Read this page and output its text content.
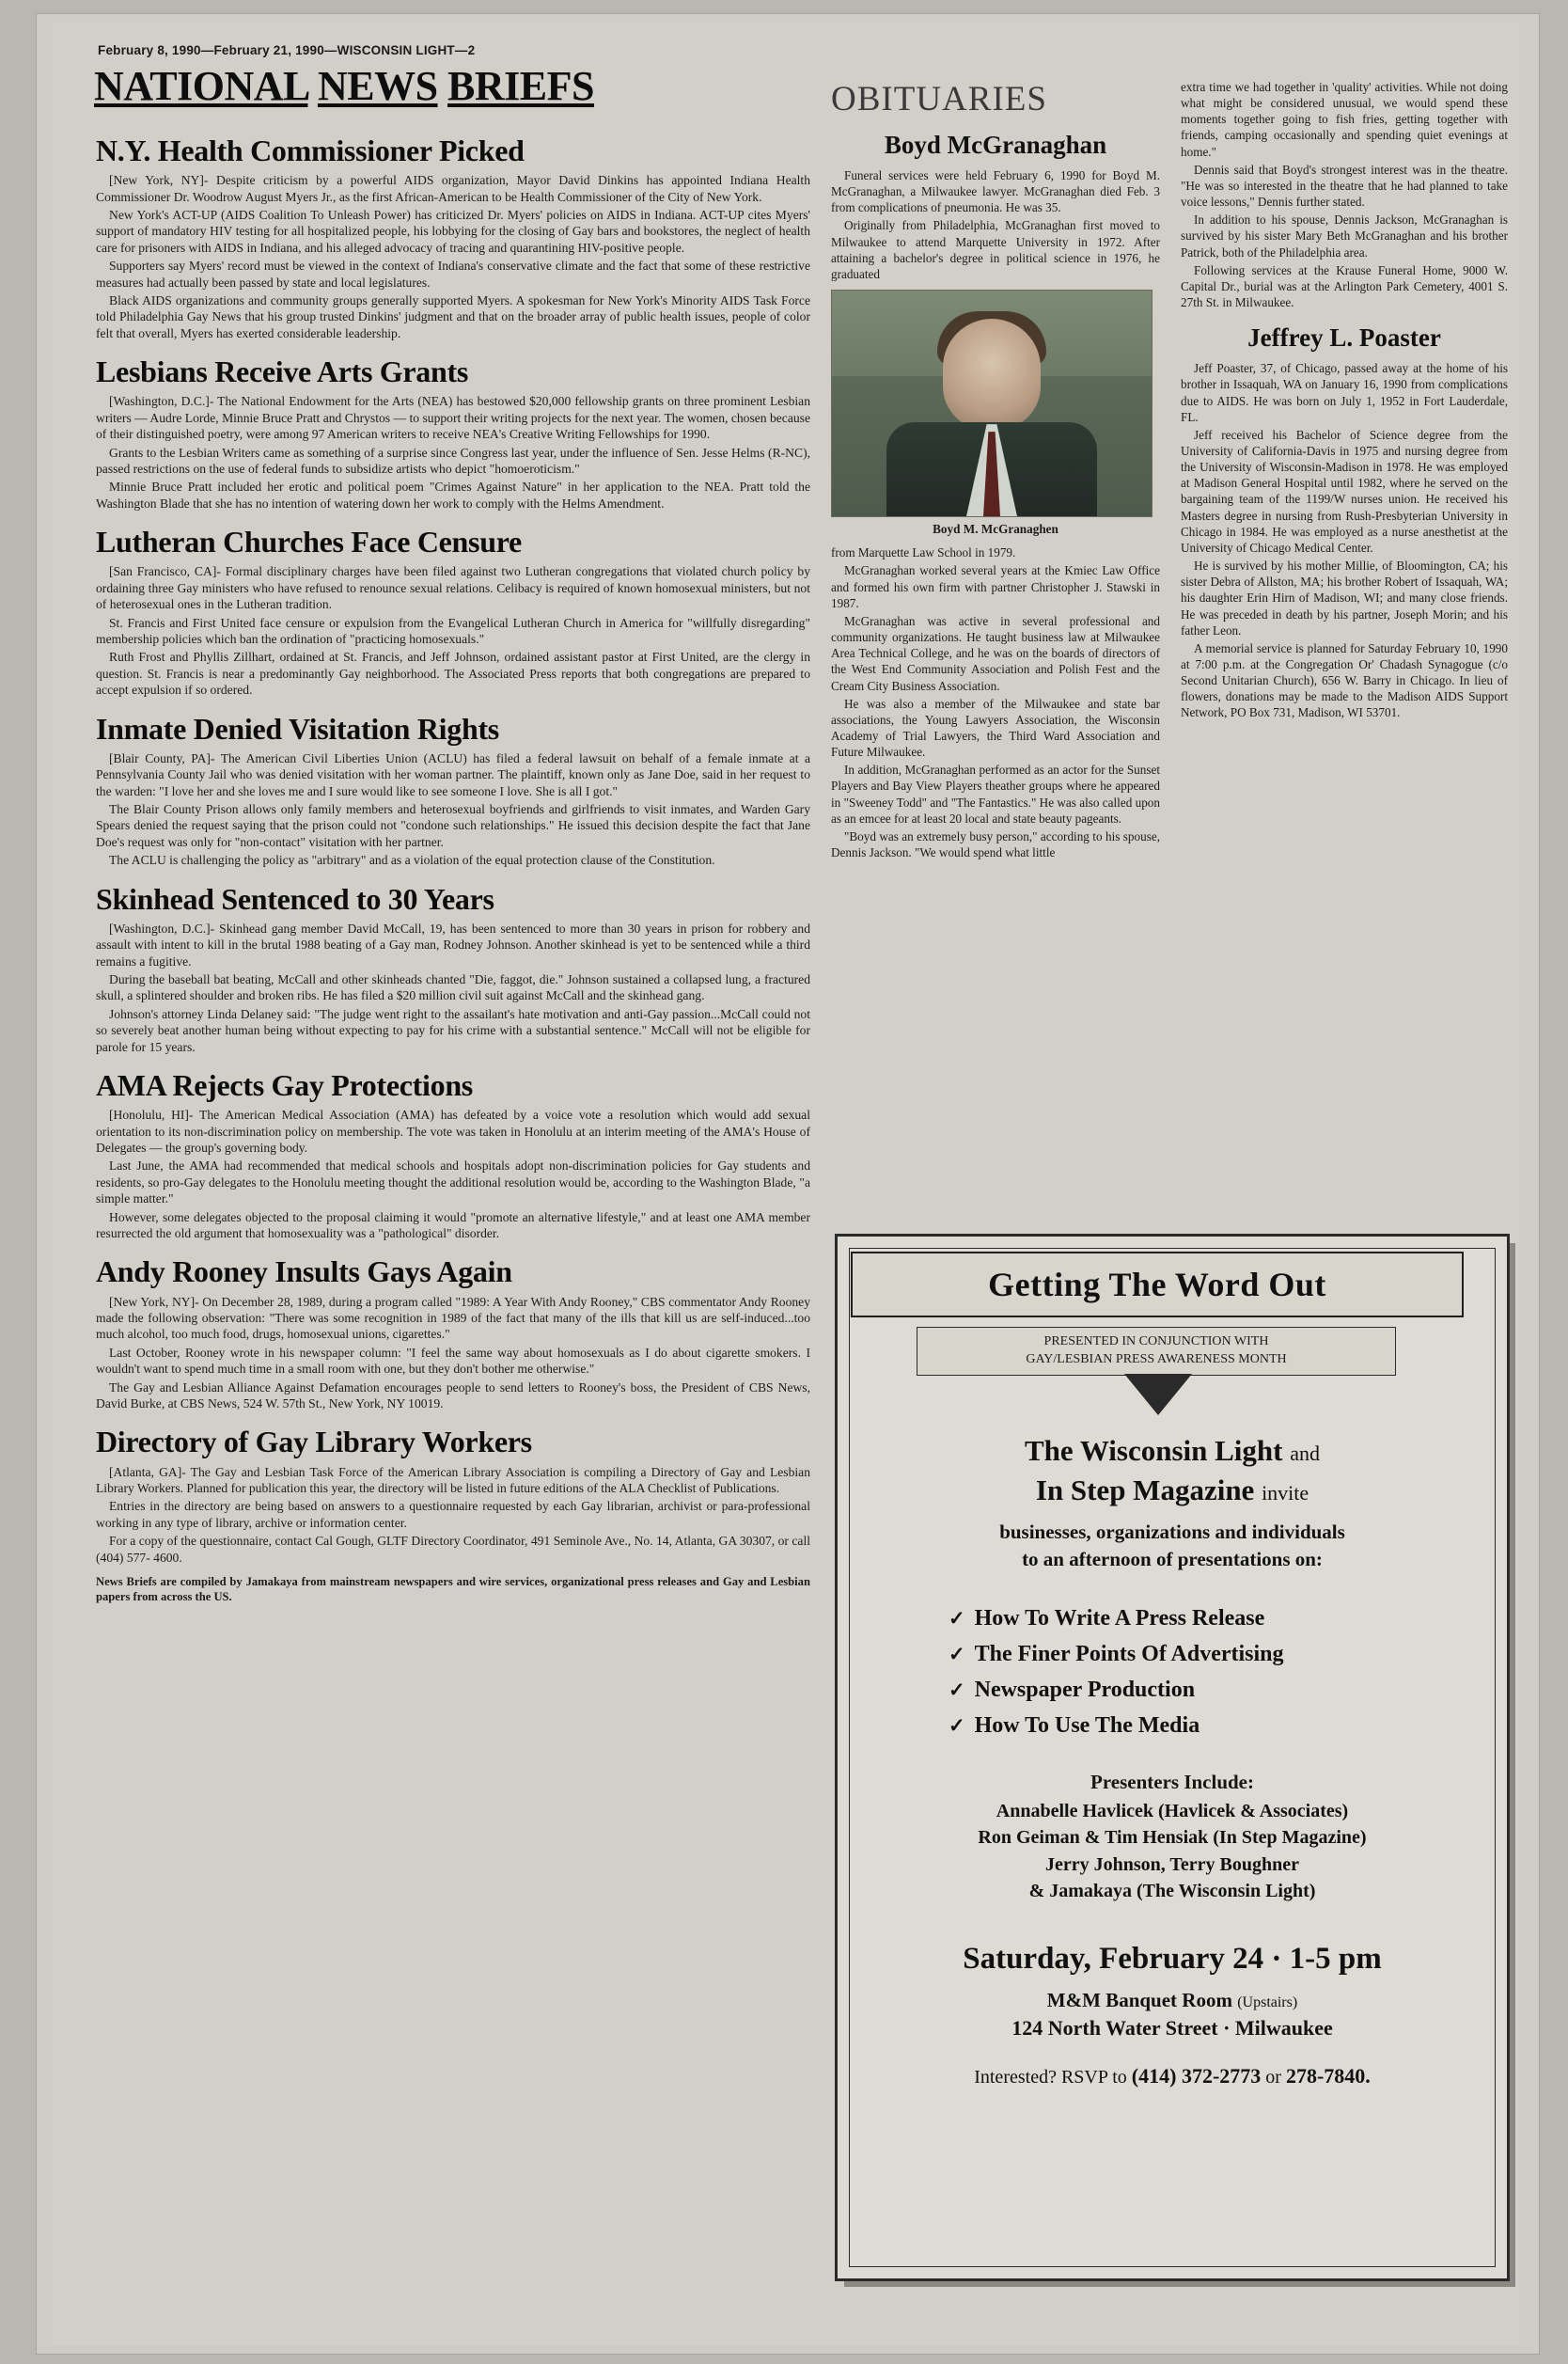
February 8, 1990—February 21, 1990—WISCONSIN LIGHT—2
NATIONAL NEWS BRIEFS
N.Y. Health Commissioner Picked

[New York, NY]- Despite criticism by a powerful AIDS organization, Mayor David Dinkins has appointed Indiana Health Commissioner Dr. Woodrow August Myers Jr., as the first African-American to be Health Commissioner of the City of New York.

New York's ACT-UP (AIDS Coalition To Unleash Power) has criticized Dr. Myers' policies on AIDS in Indiana. ACT-UP cites Myers' support of mandatory HIV testing for all hospitalized people, his lobbying for the closing of Gay bars and bookstores, the neglect of health care for prisoners with AIDS in Indiana, and his alleged advocacy of tracing and quarantining HIV-positive people.

Supporters say Myers' record must be viewed in the context of Indiana's conservative climate and the fact that some of these restrictive measures had actually been passed by state and local legislatures.

Black AIDS organizations and community groups generally supported Myers. A spokesman for New York's Minority AIDS Task Force told Philadelphia Gay News that his group trusted Dinkins' judgment and that on the broader array of public health issues, people of color felt that overall, Myers has exerted considerable leadership.

Lesbians Receive Arts Grants

[Washington, D.C.]- The National Endowment for the Arts (NEA) has bestowed $20,000 fellowship grants on three prominent Lesbian writers — Audre Lorde, Minnie Bruce Pratt and Chrystos — to support their writing projects for the next year. The women, chosen because of their distinguished poetry, were among 97 American writers to receive NEA's Creative Writing Fellowships for 1990.

Grants to the Lesbian Writers came as something of a surprise since Congress last year, under the influence of Sen. Jesse Helms (R-NC), passed restrictions on the use of federal funds to subsidize artists who depict "homoeroticism."

Minnie Bruce Pratt included her erotic and political poem "Crimes Against Nature" in her application to the NEA. Pratt told the Washington Blade that she has no intention of watering down her work to comply with the Helms Amendment.

Lutheran Churches Face Censure

[San Francisco, CA]- Formal disciplinary charges have been filed against two Lutheran congregations that violated church policy by ordaining three Gay ministers who have refused to renounce sexual relations. Celibacy is required of known homosexual ministers, but not of heterosexual ones in the Lutheran tradition.

St. Francis and First United face censure or expulsion from the Evangelical Lutheran Church in America for "willfully disregarding" membership policies which ban the ordination of "practicing homosexuals."

Ruth Frost and Phyllis Zillhart, ordained at St. Francis, and Jeff Johnson, ordained assistant pastor at First United, are the clergy in question. St. Francis is near a predominantly Gay neighborhood. The Associated Press reports that both congregations are prepared to accept expulsion if so ordered.

Inmate Denied Visitation Rights

[Blair County, PA]- The American Civil Liberties Union (ACLU) has filed a federal lawsuit on behalf of a female inmate at a Pennsylvania County Jail who was denied visitation with her woman partner. The plaintiff, known only as Jane Doe, said in her request to the warden: "I love her and she loves me and I sure would like to see someone I love. She is all I got."

The Blair County Prison allows only family members and heterosexual boyfriends and girlfriends to visit inmates, and Warden Gary Spears denied the request saying that the prison could not "condone such relationships." He issued this decision despite the fact that Jane Doe's request was only for "non-contact" visitation with her partner.

The ACLU is challenging the policy as "arbitrary" and as a violation of the equal protection clause of the Constitution.

Skinhead Sentenced to 30 Years

[Washington, D.C.]- Skinhead gang member David McCall, 19, has been sentenced to more than 30 years in prison for robbery and assault with intent to kill in the brutal 1988 beating of a Gay man, Rodney Johnson. Another skinhead is yet to be sentenced while a third remains a fugitive.

During the baseball bat beating, McCall and other skinheads chanted "Die, faggot, die." Johnson sustained a collapsed lung, a fractured skull, a splintered shoulder and broken ribs. He has filed a $20 million civil suit against McCall and the skinhead gang.

Johnson's attorney Linda Delaney said: "The judge went right to the assailant's hate motivation and anti-Gay passion...McCall could not so severely beat another human being without expecting to pay for his crime with a substantial sentence." McCall will not be eligible for parole for 15 years.

AMA Rejects Gay Protections

[Honolulu, HI]- The American Medical Association (AMA) has defeated by a voice vote a resolution which would add sexual orientation to its non-discrimination policy on membership. The vote was taken in Honolulu at an interim meeting of the AMA's House of Delegates — the group's governing body.

Last June, the AMA had recommended that medical schools and hospitals adopt non-discrimination policies for Gay students and residents, so pro-Gay delegates to the Honolulu meeting thought the additional resolution would be, according to the Washington Blade, "a simple matter."

However, some delegates objected to the proposal claiming it would "promote an alternative lifestyle," and at least one AMA member resurrected the old argument that homosexuality was a "pathological" disorder.

Andy Rooney Insults Gays Again

[New York, NY]- On December 28, 1989, during a program called "1989: A Year With Andy Rooney," CBS commentator Andy Rooney made the following observation: "There was some recognition in 1989 of the fact that many of the ills that kill us are self-induced...too much alcohol, too much food, drugs, homosexual unions, cigarettes."

Last October, Rooney wrote in his newspaper column: "I feel the same way about homosexuals as I do about cigarette smokers. I wouldn't want to spend much time in a small room with one, but they don't bother me otherwise."

The Gay and Lesbian Alliance Against Defamation encourages people to send letters to Rooney's boss, the President of CBS News, David Burke, at CBS News, 524 W. 57th St., New York, NY 10019.

Directory of Gay Library Workers

[Atlanta, GA]- The Gay and Lesbian Task Force of the American Library Association is compiling a Directory of Gay and Lesbian Library Workers. Planned for publication this year, the directory will be listed in future editions of the ALA Checklist of Publications.

Entries in the directory are being based on answers to a questionnaire requested by each Gay librarian, archivist or para-professional working in any type of library, archive or information center.

For a copy of the questionnaire, contact Cal Gough, GLTF Directory Coordinator, 491 Seminole Ave., No. 14, Atlanta, GA 30307, or call (404) 577- 4600.

News Briefs are compiled by Jamakaya from mainstream newspapers and wire services, organizational press releases and Gay and Lesbian papers from across the US.

OBITUARIES
Boyd McGranaghan

Funeral services were held February 6, 1990 for Boyd M. McGranaghan, a Milwaukee lawyer. McGranaghan died Feb. 3 from complications of pneumonia. He was 35.

Originally from Philadelphia, McGranaghan first moved to Milwaukee to attend Marquette University in 1972. After attaining a bachelor's degree in political science in 1976, he graduated

Boyd M. McGranaghen

from Marquette Law School in 1979.

McGranaghan worked several years at the Kmiec Law Office and formed his own firm with partner Christopher J. Stawski in 1987.

McGranaghan was active in several professional and community organizations. He taught business law at Milwaukee Area Technical College, and he was on the boards of directors of the West End Community Association and Polish Fest and the Cream City Business Association.

He was also a member of the Milwaukee and state bar associations, the Young Lawyers Association, the Wisconsin Academy of Trial Lawyers, the Third Ward Association and Future Milwaukee.

In addition, McGranaghan performed as an actor for the Sunset Players and Bay View Players theather groups where he appeared in "Sweeney Todd" and "The Fantastics." He was also called upon as an emcee for at least 20 local and state beauty pageants.

"Boyd was an extremely busy person," according to his spouse, Dennis Jackson. "We would spend what little

extra time we had together in 'quality' activities. While not doing what might be considered unusual, we would spend these moments together going to fish fries, getting together with friends, camping occasionally and spending quiet evenings at home."

Dennis said that Boyd's strongest interest was in the theatre. "He was so interested in the theatre that he had planned to take voice lessons," Dennis further stated.

In addition to his spouse, Dennis Jackson, McGranaghan is survived by his sister Mary Beth McGranaghan and his brother Patrick, both of the Philadelphia area.

Following services at the Krause Funeral Home, 9000 W. Capital Dr., burial was at the Arlington Park Cemetery, 4001 S. 27th St. in Milwaukee.

Jeffrey L. Poaster

Jeff Poaster, 37, of Chicago, passed away at the home of his brother in Issaquah, WA on January 16, 1990 from complications due to AIDS. He was born on July 1, 1952 in Fort Lauderdale, FL.

Jeff received his Bachelor of Science degree from the University of California-Davis in 1975 and nursing degree from the University of Wisconsin-Madison in 1978. He was employed at Madison General Hospital until 1982, where he served on the bargaining team of the 1199/W nurses union. He received his Masters degree in nursing from Rush-Presbyterian University in Chicago in 1984. He was employed as a nurse anesthetist at the University of Chicago Medical Center.

He is survived by his mother Millie, of Bloomington, CA; his sister Debra of Allston, MA; his brother Robert of Issaquah, WA; his daughter Erin Hirn of Madison, WI; and many close friends. He was preceded in death by his partner, Joseph Morin; and his father Leon.

A memorial service is planned for Saturday February 10, 1990 at 7:00 p.m. at the Congregation Or' Chadash Synagogue (c/o Second Unitarian Church), 656 W. Barry in Chicago. In lieu of flowers, donations may be made to the Madison AIDS Support Network, PO Box 731, Madison, WI 53701.

Getting The Word Out
PRESENTED IN CONJUNCTION WITH
GAY/LESBIAN PRESS AWARENESS MONTH
The Wisconsin Light and
In Step Magazine invite
businesses, organizations and individuals
to an afternoon of presentations on:
✓ How To Write A Press Release
✓ The Finer Points Of Advertising
✓ Newspaper Production
✓ How To Use The Media
Presenters Include:
Annabelle Havlicek (Havlicek & Associates)
Ron Geiman & Tim Hensiak (In Step Magazine)
Jerry Johnson, Terry Boughner
& Jamakaya (The Wisconsin Light)
Saturday, February 24 · 1-5 pm
M&M Banquet Room (Upstairs)
124 North Water Street · Milwaukee
Interested? RSVP to (414) 372-2773 or 278-7840.
